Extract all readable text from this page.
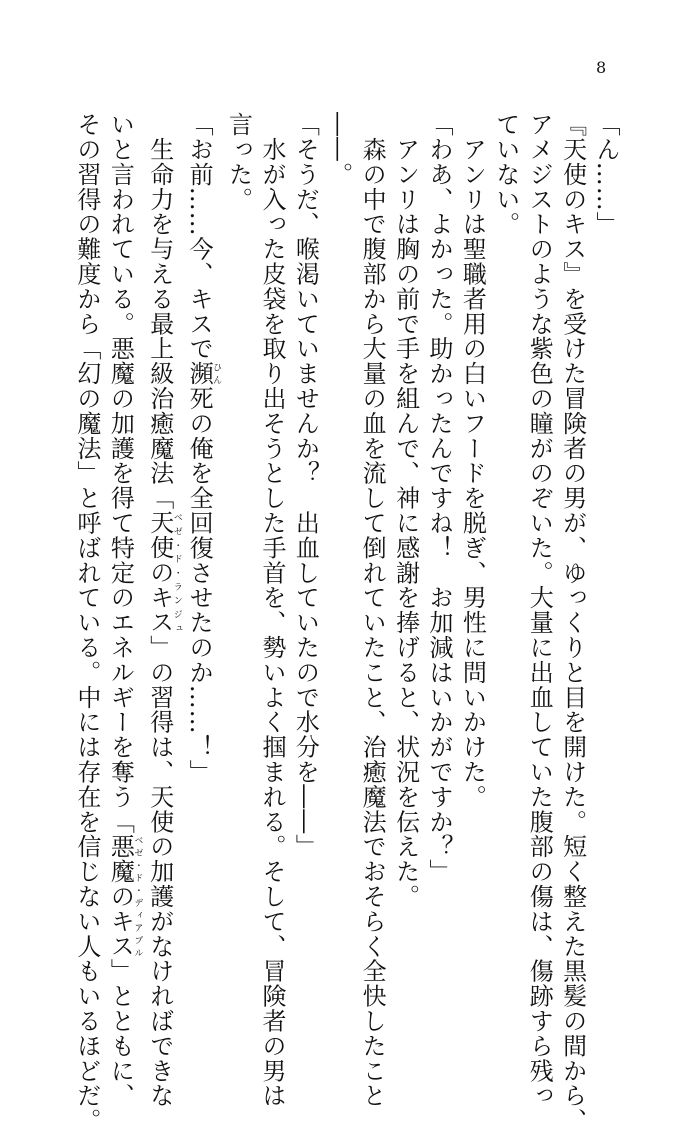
8
「ん……」
『天使のキス』を受けた冒険者の男が、ゆっくりと目を開けた。短く整えた黒髪の間から、
アメジストのような紫色の瞳がのぞいた。大量に出血していた腹部の傷は、傷跡すら残っ
ていない。
　アンリは聖職者用の白いフードを脱ぎ、男性に問いかけた。
「わあ、よかった。助かったんですね！　お加減はいかがですか？」
　アンリは胸の前で手を組んで、神に感謝を捧げると、状況を伝えた。
　森の中で腹部から大量の血を流して倒れていたこと、治癒魔法でおそらく全快したこと
――。
「そうだ、喉渇いていませんか？　出血していたので水分を――」
　水が入った皮袋を取り出そうとした手首を、勢いよく掴まれる。そして、冒険者の男は
言った。
「お前……今、キスで瀕ひん死の俺を全回復させたのか……！」
　生命力を与える最上級治癒魔法「天使のキスベゼ・ド・ランジュ」の習得は、天使の加護がなければできな
いと言われている。悪魔の加護を得て特定のエネルギーを奪う「悪魔のキスベゼ・ド・ディアブル」とともに、
その習得の難度から「幻の魔法」と呼ばれている。中には存在を信じない人もいるほどだ。
